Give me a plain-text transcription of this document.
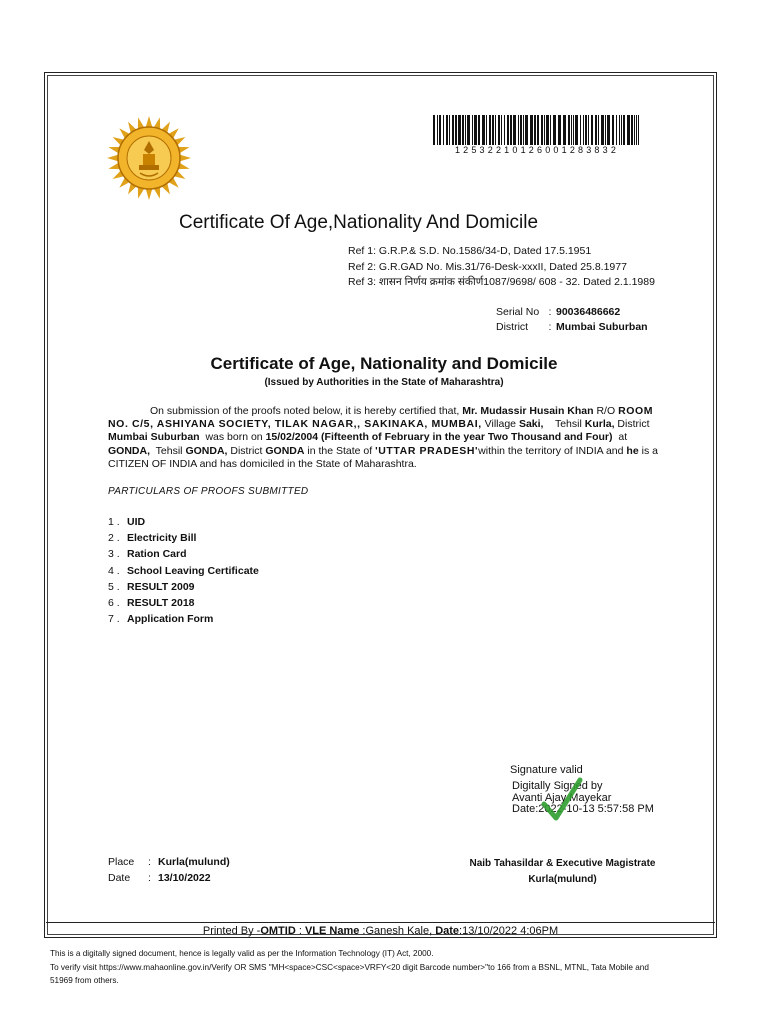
12532210126001283832
Certificate Of Age,Nationality And Domicile
Ref 1: G.R.P.& S.D. No.1586/34-D, Dated 17.5.1951
Ref 2: G.R.GAD No. Mis.31/76-Desk-xxxII, Dated 25.8.1977
Ref 3: शासन निर्णय क्रमांक संकीर्ण1087/9698/ 608 - 32. Dated 2.1.1989
Serial No : 90036486662
District : Mumbai Suburban
Certificate of Age, Nationality and Domicile
(Issued by Authorities in the State of Maharashtra)
On submission of the proofs noted below, it is hereby certified that, Mr. Mudassir Husain Khan R/O ROOM NO. C/5, ASHIYANA SOCIETY, TILAK NAGAR,, SAKINAKA, MUMBAI, Village Saki, Tehsil Kurla, District Mumbai Suburban was born on 15/02/2004 (Fifteenth of February in the year Two Thousand and Four) at  GONDA, Tehsil GONDA, District GONDA in the State of 'UTTAR PRADESH'within the territory of INDIA and he is a CITIZEN OF INDIA and has domiciled in the State of Maharashtra.
PARTICULARS OF PROOFS SUBMITTED
1 . UID
2 . Electricity Bill
3 . Ration Card
4 . School Leaving Certificate
5 . RESULT 2009
6 . RESULT 2018
7 . Application Form
Signature valid
Digitally Signed by
Avanti Ajay Mayekar
Date:2022-10-13 5:57:58 PM
Place : Kurla(mulund)
Date : 13/10/2022
Naib Tahasildar & Executive Magistrate
Kurla(mulund)
Printed By -OMTID : VLE Name :Ganesh Kale, Date:13/10/2022 4:06PM
This is a digitally signed document, hence is legally valid as per the Information Technology (IT) Act, 2000.
To verify visit https://www.mahaonline.gov.in/Verify OR SMS "MH<space>CSC<space>VRFY<20 digit Barcode number>"to 166 from a BSNL, MTNL, Tata Mobile and
51969 from others.
